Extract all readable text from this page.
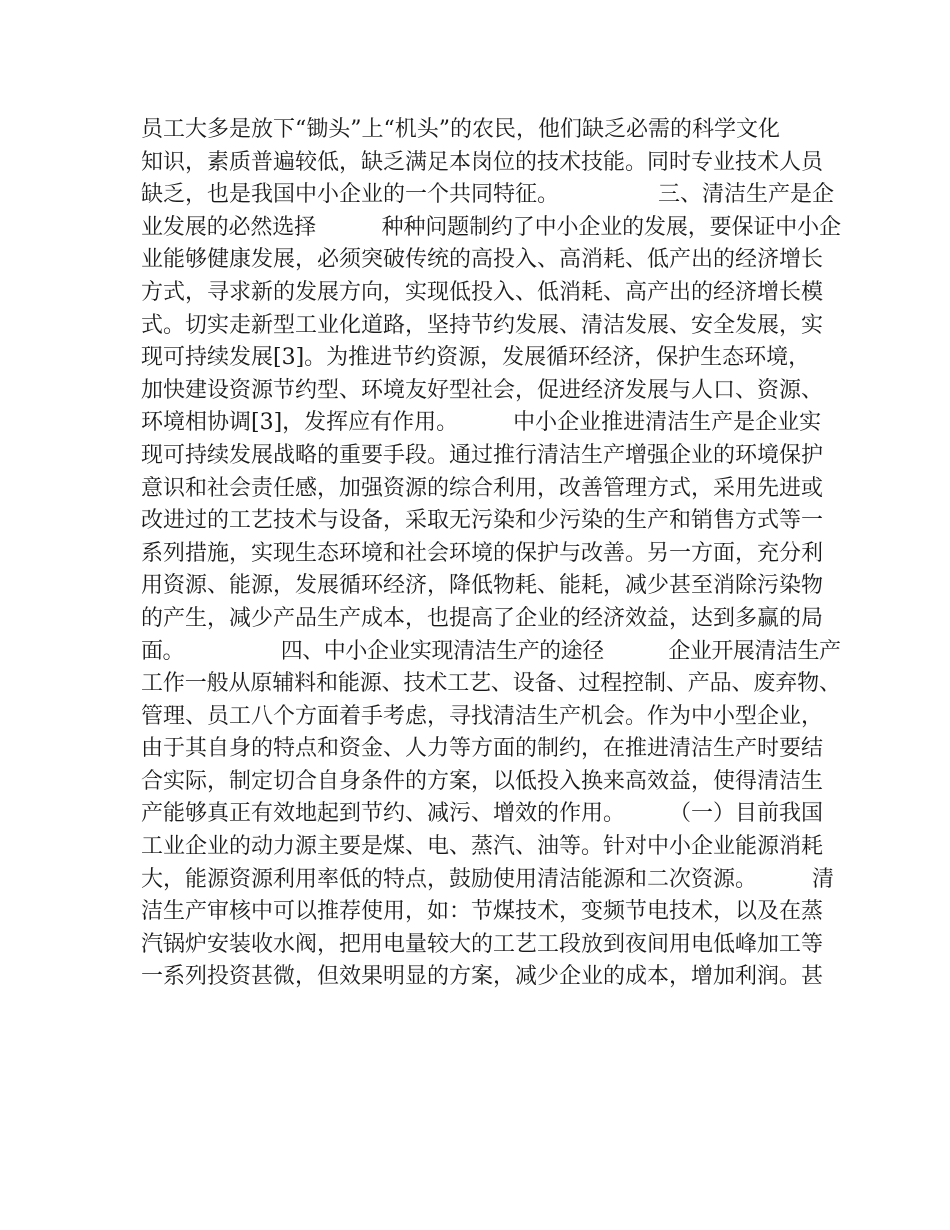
员工大多是放下“锄头”上“机头”的农民，他们缺乏必需的科学文化
知识，素质普遍较低，缺乏满足本岗位的技术技能。同时专业技术人员
缺乏，也是我国中小企业的一个共同特征。　　　　　三、清洁生产是企
业发展的必然选择　　　种种问题制约了中小企业的发展，要保证中小企
业能够健康发展，必须突破传统的高投入、高消耗、低产出的经济增长
方式，寻求新的发展方向，实现低投入、低消耗、高产出的经济增长模
式。切实走新型工业化道路，坚持节约发展、清洁发展、安全发展，实
现可持续发展[3]。为推进节约资源，发展循环经济，保护生态环境，
加快建设资源节约型、环境友好型社会，促进经济发展与人口、资源、
环境相协调[3]，发挥应有作用。　　　中小企业推进清洁生产是企业实
现可持续发展战略的重要手段。通过推行清洁生产增强企业的环境保护
意识和社会责任感，加强资源的综合利用，改善管理方式，采用先进或
改进过的工艺技术与设备，采取无污染和少污染的生产和销售方式等一
系列措施，实现生态环境和社会环境的保护与改善。另一方面，充分利
用资源、能源，发展循环经济，降低物耗、能耗，减少甚至消除污染物
的产生，减少产品生产成本，也提高了企业的经济效益，达到多赢的局
面。　　　　　四、中小企业实现清洁生产的途径　　　企业开展清洁生产
工作一般从原辅料和能源、技术工艺、设备、过程控制、产品、废弃物、
管理、员工八个方面着手考虑，寻找清洁生产机会。作为中小型企业，
由于其自身的特点和资金、人力等方面的制约，在推进清洁生产时要结
合实际，制定切合自身条件的方案，以低投入换来高效益，使得清洁生
产能够真正有效地起到节约、减污、增效的作用。　　　（一）目前我国
工业企业的动力源主要是煤、电、蒸汽、油等。针对中小企业能源消耗
大，能源资源利用率低的特点，鼓励使用清洁能源和二次资源。　　　清
洁生产审核中可以推荐使用，如：节煤技术，变频节电技术，以及在蒸
汽锅炉安装收水阀，把用电量较大的工艺工段放到夜间用电低峰加工等
一系列投资甚微，但效果明显的方案，减少企业的成本，增加利润。甚
